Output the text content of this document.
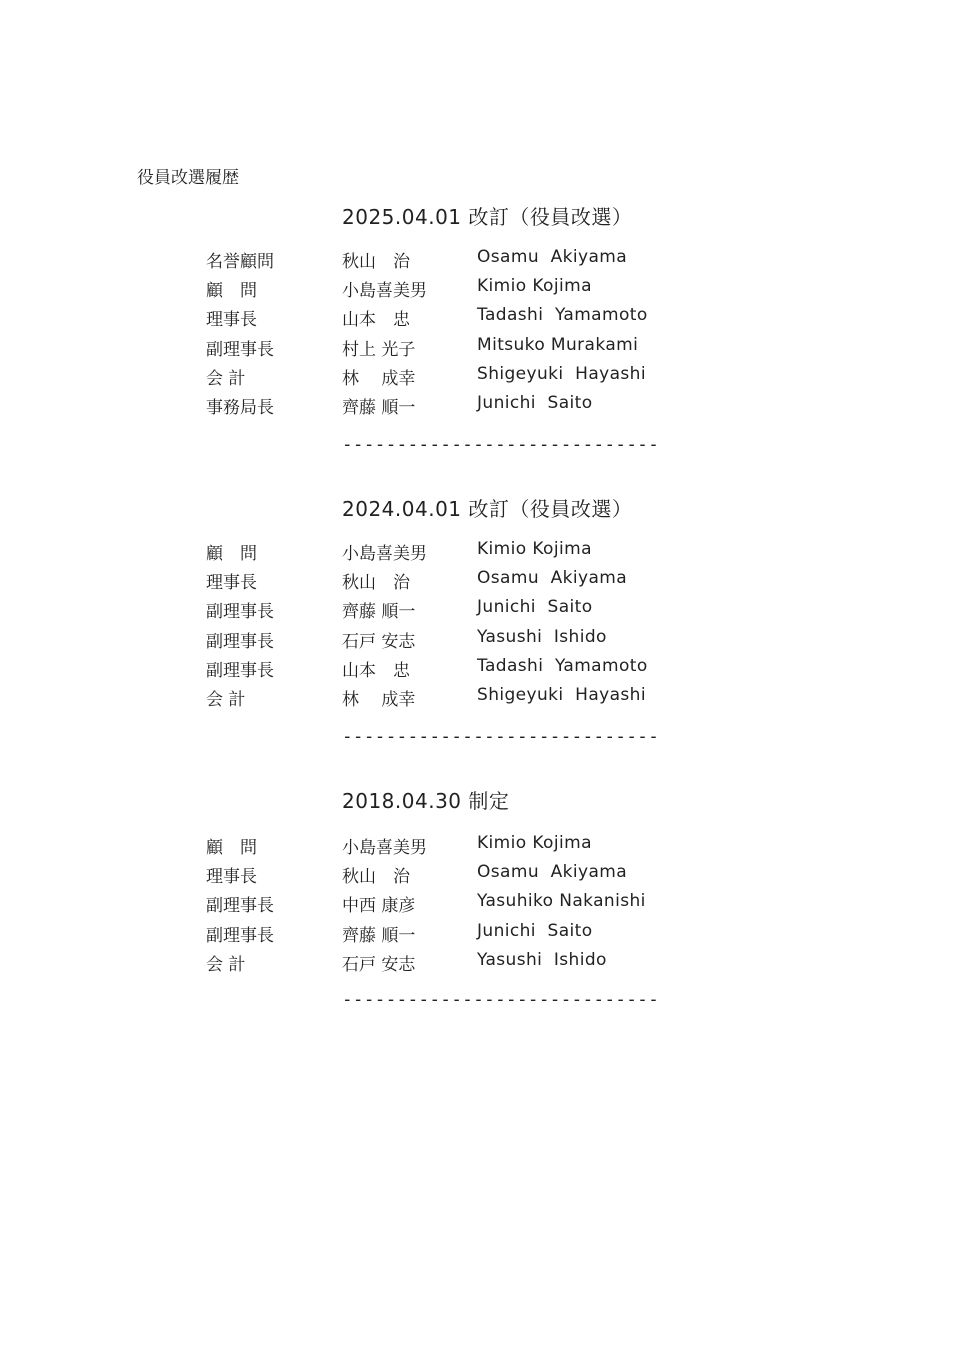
役員改選履歴
2025.04.01 改訂（役員改選）
名誉顧問	秋山　治	Osamu  Akiyama
顧　問	小島喜美男	Kimio Kojima
理事長	山本　忠	Tadashi  Yamamoto
副理事長	村上 光子	Mitsuko Murakami
会 計	林　 成幸	Shigeyuki  Hayashi
事務局長	齊藤 順一	Junichi  Saito
-----------------------------
2024.04.01 改訂（役員改選）
顧　問	小島喜美男	Kimio Kojima
理事長	秋山　治	Osamu  Akiyama
副理事長	齊藤 順一	Junichi  Saito
副理事長	石戸 安志	Yasushi  Ishido
副理事長	山本　忠	Tadashi  Yamamoto
会 計	林　 成幸	Shigeyuki  Hayashi
-----------------------------
2018.04.30 制定
顧　問	小島喜美男	Kimio Kojima
理事長	秋山　治	Osamu  Akiyama
副理事長	中西 康彦	Yasuhiko Nakanishi
副理事長	齊藤 順一	Junichi  Saito
会 計	石戸 安志	Yasushi  Ishido
-----------------------------
